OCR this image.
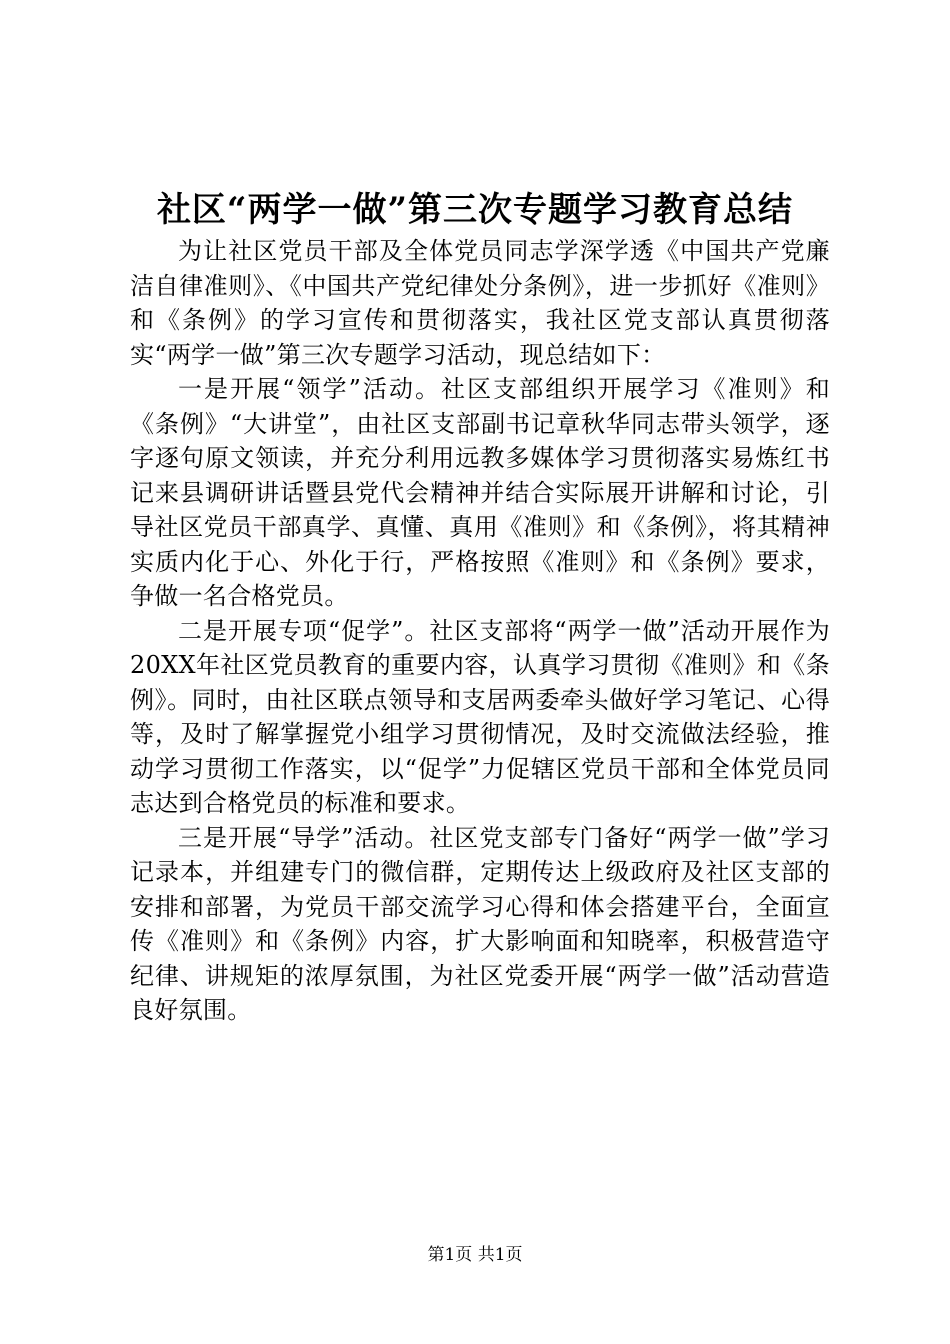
社区“两学一做”第三次专题学习教育总结

为让社区党员干部及全体党员同志学深学透《中国共产党廉洁自律准则》、《中国共产党纪律处分条例》，进一步抓好《准则》和《条例》的学习宣传和贯彻落实，我社区党支部认真贯彻落实“两学一做”第三次专题学习活动，现总结如下：

一是开展“领学”活动。社区支部组织开展学习《准则》和《条例》“大讲堂”，由社区支部副书记章秋华同志带头领学，逐字逐句原文领读，并充分利用远教多媒体学习贯彻落实易炼红书记来县调研讲话暨县党代会精神并结合实际展开讲解和讨论，引导社区党员干部真学、真懂、真用《准则》和《条例》，将其精神实质内化于心、外化于行，严格按照《准则》和《条例》要求，争做一名合格党员。

二是开展专项“促学”。社区支部将“两学一做”活动开展作为20XX年社区党员教育的重要内容，认真学习贯彻《准则》和《条例》。同时，由社区联点领导和支居两委牵头做好学习笔记、心得等，及时了解掌握党小组学习贯彻情况，及时交流做法经验，推动学习贯彻工作落实，以“促学”力促辖区党员干部和全体党员同志达到合格党员的标准和要求。

三是开展“导学”活动。社区党支部专门备好“两学一做”学习记录本，并组建专门的微信群，定期传达上级政府及社区支部的安排和部署，为党员干部交流学习心得和体会搭建平台，全面宣传《准则》和《条例》内容，扩大影响面和知晓率，积极营造守纪律、讲规矩的浓厚氛围，为社区党委开展“两学一做”活动营造良好氛围。

第1页 共1页
